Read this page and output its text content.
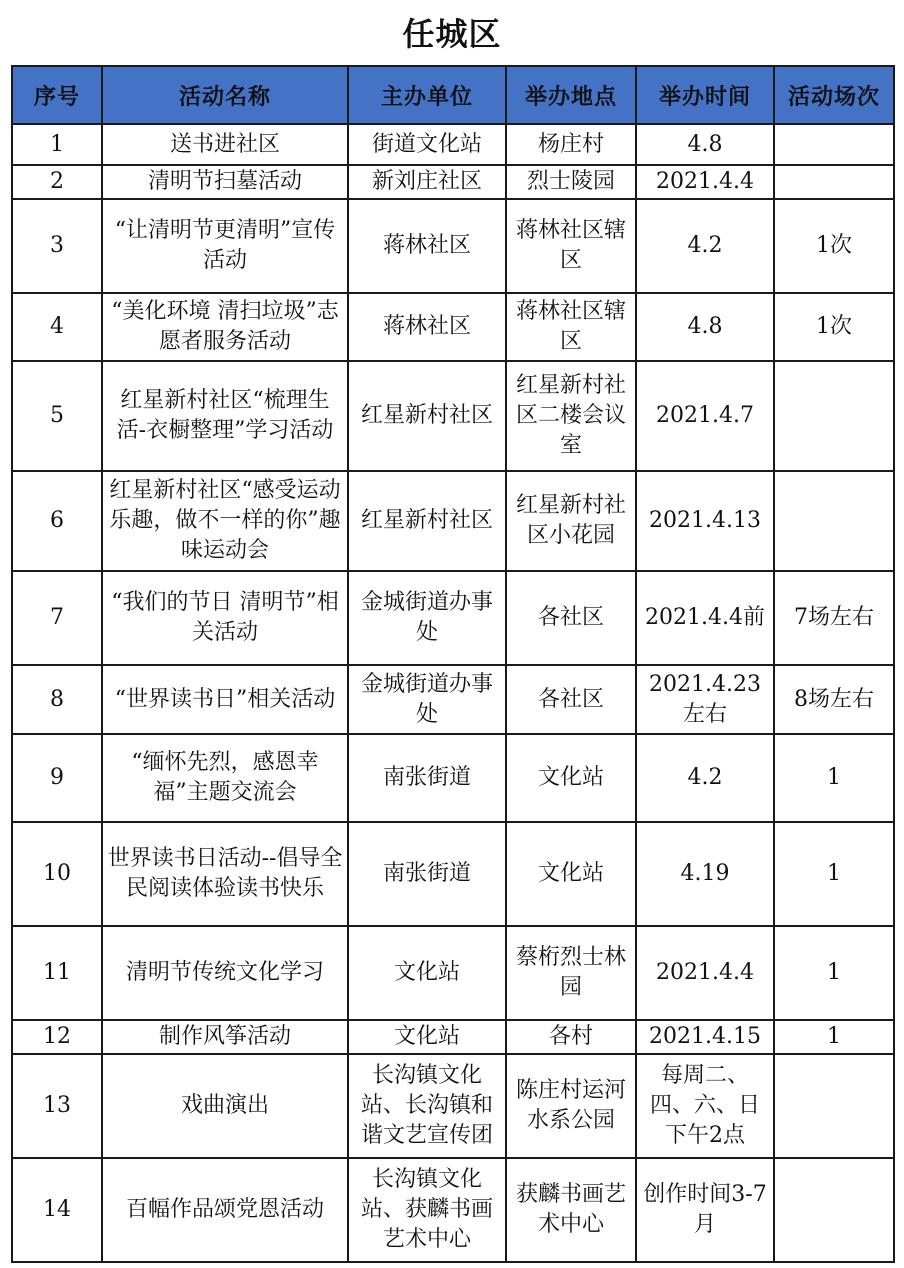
任城区
序号	活动名称	主办单位	举办地点	举办时间	活动场次
1	送书进社区	街道文化站	杨庄村	4.8	
2	清明节扫墓活动	新刘庄社区	烈士陵园	2021.4.4	
3	“让清明节更清明”宣传活动	蒋林社区	蒋林社区辖区	4.2	1次
4	“美化环境 清扫垃圾”志愿者服务活动	蒋林社区	蒋林社区辖区	4.8	1次
5	红星新村社区“梳理生活-衣橱整理”学习活动	红星新村社区	红星新村社区二楼会议室	2021.4.7	
6	红星新村社区“感受运动乐趣，做不一样的你”趣味运动会	红星新村社区	红星新村社区小花园	2021.4.13	
7	“我们的节日 清明节”相关活动	金城街道办事处	各社区	2021.4.4前	7场左右
8	“世界读书日”相关活动	金城街道办事处	各社区	2021.4.23左右	8场左右
9	“缅怀先烈，感恩幸福”主题交流会	南张街道	文化站	4.2	1
10	世界读书日活动--倡导全民阅读体验读书快乐	南张街道	文化站	4.19	1
11	清明节传统文化学习	文化站	蔡桁烈士林园	2021.4.4	1
12	制作风筝活动	文化站	各村	2021.4.15	1
13	戏曲演出	长沟镇文化站、长沟镇和谐文艺宣传团	陈庄村运河水系公园	每周二、四、六、日下午2点	
14	百幅作品颂党恩活动	长沟镇文化站、获麟书画艺术中心	获麟书画艺术中心	创作时间3-7月	
